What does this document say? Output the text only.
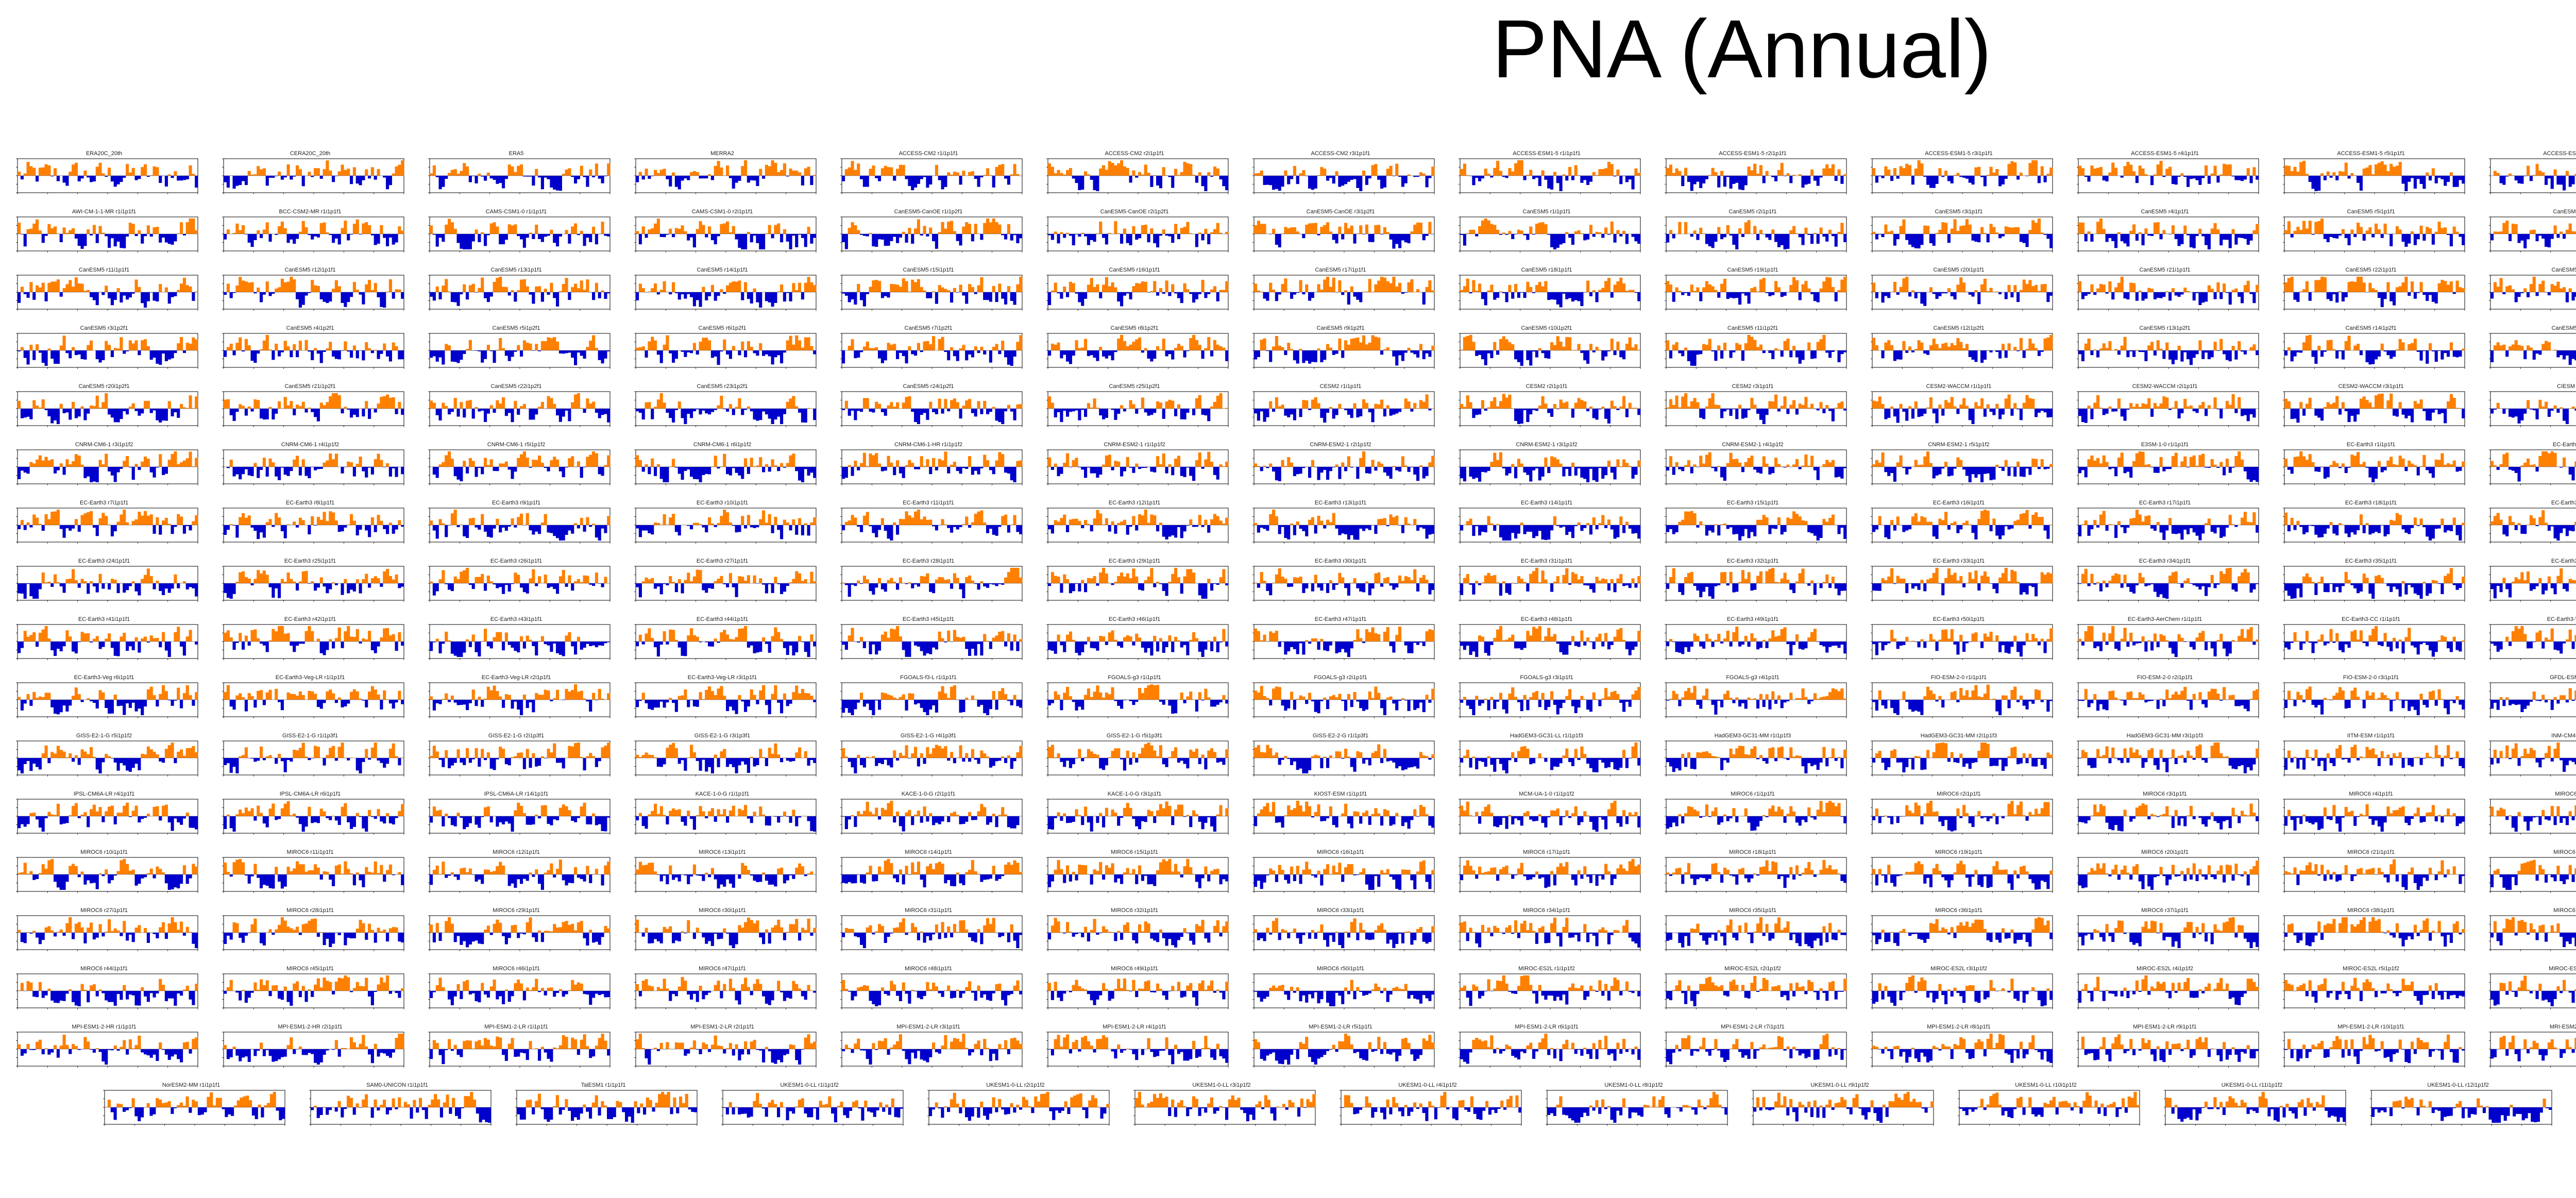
PNA (Annual)
ERA20C_20th	CERA20C_20th	ERA5	MERRA2	ACCESS-CM2 r1i1p1f1	ACCESS-CM2 r2i1p1f1	ACCESS-CM2 r3i1p1f1	ACCESS-ESM1-5 r1i1p1f1	ACCESS-ESM1-5 r2i1p1f1	ACCESS-ESM1-5 r3i1p1f1	ACCESS-ESM1-5 r4i1p1f1	ACCESS-ESM1-5 r5i1p1f1	ACCESS-ES
AWI-CM-1-1-MR r1i1p1f1	BCC-CSM2-MR r1i1p1f1	CAMS-CSM1-0 r1i1p1f1	CAMS-CSM1-0 r2i1p1f1	CanESM5-CanOE r1i1p2f1	CanESM5-CanOE r2i1p2f1	CanESM5-CanOE r3i1p2f1	CanESM5 r1i1p1f1	CanESM5 r2i1p1f1	CanESM5 r3i1p1f1	CanESM5 r4i1p1f1	CanESM5 r5i1p1f1	CanESM
CanESM5 r11i1p1f1	CanESM5 r12i1p1f1	CanESM5 r13i1p1f1	CanESM5 r14i1p1f1	CanESM5 r15i1p1f1	CanESM5 r16i1p1f1	CanESM5 r17i1p1f1	CanESM5 r18i1p1f1	CanESM5 r19i1p1f1	CanESM5 r20i1p1f1	CanESM5 r21i1p1f1	CanESM5 r22i1p1f1	CanESM5
CanESM5 r3i1p2f1	CanESM5 r4i1p2f1	CanESM5 r5i1p2f1	CanESM5 r6i1p2f1	CanESM5 r7i1p2f1	CanESM5 r8i1p2f1	CanESM5 r9i1p2f1	CanESM5 r10i1p2f1	CanESM5 r11i1p2f1	CanESM5 r12i1p2f1	CanESM5 r13i1p2f1	CanESM5 r14i1p2f1	CanESM5
CanESM5 r20i1p2f1	CanESM5 r21i1p2f1	CanESM5 r22i1p2f1	CanESM5 r23i1p2f1	CanESM5 r24i1p2f1	CanESM5 r25i1p2f1	CESM2 r1i1p1f1	CESM2 r2i1p1f1	CESM2 r3i1p1f1	CESM2-WACCM r1i1p1f1	CESM2-WACCM r2i1p1f1	CESM2-WACCM r3i1p1f1	CIESM
CNRM-CM6-1 r3i1p1f2	CNRM-CM6-1 r4i1p1f2	CNRM-CM6-1 r5i1p1f2	CNRM-CM6-1 r6i1p1f2	CNRM-CM6-1-HR r1i1p1f2	CNRM-ESM2-1 r1i1p1f2	CNRM-ESM2-1 r2i1p1f2	CNRM-ESM2-1 r3i1p1f2	CNRM-ESM2-1 r4i1p1f2	CNRM-ESM2-1 r5i1p1f2	E3SM-1-0 r1i1p1f1	EC-Earth3 r1i1p1f1	EC-Earth
EC-Earth3 r7i1p1f1	EC-Earth3 r8i1p1f1	EC-Earth3 r9i1p1f1	EC-Earth3 r10i1p1f1	EC-Earth3 r11i1p1f1	EC-Earth3 r12i1p1f1	EC-Earth3 r13i1p1f1	EC-Earth3 r14i1p1f1	EC-Earth3 r15i1p1f1	EC-Earth3 r16i1p1f1	EC-Earth3 r17i1p1f1	EC-Earth3 r18i1p1f1	EC-Earth3
EC-Earth3 r24i1p1f1	EC-Earth3 r25i1p1f1	EC-Earth3 r26i1p1f1	EC-Earth3 r27i1p1f1	EC-Earth3 r28i1p1f1	EC-Earth3 r29i1p1f1	EC-Earth3 r30i1p1f1	EC-Earth3 r31i1p1f1	EC-Earth3 r32i1p1f1	EC-Earth3 r33i1p1f1	EC-Earth3 r34i1p1f1	EC-Earth3 r35i1p1f1	EC-Earth3
EC-Earth3 r41i1p1f1	EC-Earth3 r42i1p1f1	EC-Earth3 r43i1p1f1	EC-Earth3 r44i1p1f1	EC-Earth3 r45i1p1f1	EC-Earth3 r46i1p1f1	EC-Earth3 r47i1p1f1	EC-Earth3 r48i1p1f1	EC-Earth3 r49i1p1f1	EC-Earth3 r50i1p1f1	EC-Earth3-AerChem r1i1p1f1	EC-Earth3-CC r1i1p1f1	EC-Earth3-
EC-Earth3-Veg r6i1p1f1	EC-Earth3-Veg-LR r1i1p1f1	EC-Earth3-Veg-LR r2i1p1f1	EC-Earth3-Veg-LR r3i1p1f1	FGOALS-f3-L r1i1p1f1	FGOALS-g3 r1i1p1f1	FGOALS-g3 r2i1p1f1	FGOALS-g3 r3i1p1f1	FGOALS-g3 r4i1p1f1	FIO-ESM-2-0 r1i1p1f1	FIO-ESM-2-0 r2i1p1f1	FIO-ESM-2-0 r3i1p1f1	GFDL-ES
GISS-E2-1-G r5i1p1f2	GISS-E2-1-G r1i1p3f1	GISS-E2-1-G r2i1p3f1	GISS-E2-1-G r3i1p3f1	GISS-E2-1-G r4i1p3f1	GISS-E2-1-G r5i1p3f1	GISS-E2-2-G r1i1p3f1	HadGEM3-GC31-LL r1i1p1f3	HadGEM3-GC31-MM r1i1p1f3	HadGEM3-GC31-MM r2i1p1f3	HadGEM3-GC31-MM r3i1p1f3	IITM-ESM r1i1p1f1	INM-CM4
IPSL-CM6A-LR r4i1p1f1	IPSL-CM6A-LR r6i1p1f1	IPSL-CM6A-LR r14i1p1f1	KACE-1-0-G r1i1p1f1	KACE-1-0-G r2i1p1f1	KACE-1-0-G r3i1p1f1	KIOST-ESM r1i1p1f1	MCM-UA-1-0 r1i1p1f2	MIROC6 r1i1p1f1	MIROC6 r2i1p1f1	MIROC6 r3i1p1f1	MIROC6 r4i1p1f1	MIROC6
MIROC6 r10i1p1f1	MIROC6 r11i1p1f1	MIROC6 r12i1p1f1	MIROC6 r13i1p1f1	MIROC6 r14i1p1f1	MIROC6 r15i1p1f1	MIROC6 r16i1p1f1	MIROC6 r17i1p1f1	MIROC6 r18i1p1f1	MIROC6 r19i1p1f1	MIROC6 r20i1p1f1	MIROC6 r21i1p1f1	MIROC6
MIROC6 r27i1p1f1	MIROC6 r28i1p1f1	MIROC6 r29i1p1f1	MIROC6 r30i1p1f1	MIROC6 r31i1p1f1	MIROC6 r32i1p1f1	MIROC6 r33i1p1f1	MIROC6 r34i1p1f1	MIROC6 r35i1p1f1	MIROC6 r36i1p1f1	MIROC6 r37i1p1f1	MIROC6 r38i1p1f1	MIROC6
MIROC6 r44i1p1f1	MIROC6 r45i1p1f1	MIROC6 r46i1p1f1	MIROC6 r47i1p1f1	MIROC6 r48i1p1f1	MIROC6 r49i1p1f1	MIROC6 r50i1p1f1	MIROC-ES2L r1i1p1f2	MIROC-ES2L r2i1p1f2	MIROC-ES2L r3i1p1f2	MIROC-ES2L r4i1p1f2	MIROC-ES2L r5i1p1f2	MIROC-ES
MPI-ESM1-2-HR r1i1p1f1	MPI-ESM1-2-HR r2i1p1f1	MPI-ESM1-2-LR r1i1p1f1	MPI-ESM1-2-LR r2i1p1f1	MPI-ESM1-2-LR r3i1p1f1	MPI-ESM1-2-LR r4i1p1f1	MPI-ESM1-2-LR r5i1p1f1	MPI-ESM1-2-LR r6i1p1f1	MPI-ESM1-2-LR r7i1p1f1	MPI-ESM1-2-LR r8i1p1f1	MPI-ESM1-2-LR r9i1p1f1	MPI-ESM1-2-LR r10i1p1f1	MRI-ESM2
NorESM2-MM r1i1p1f1	SAM0-UNICON r1i1p1f1	TaiESM1 r1i1p1f1	UKESM1-0-LL r1i1p1f2	UKESM1-0-LL r2i1p1f2	UKESM1-0-LL r3i1p1f2	UKESM1-0-LL r4i1p1f2	UKESM1-0-LL r8i1p1f2	UKESM1-0-LL r9i1p1f2	UKESM1-0-LL r10i1p1f2	UKESM1-0-LL r11i1p1f2	UKESM1-0-LL r12i1p1f2
